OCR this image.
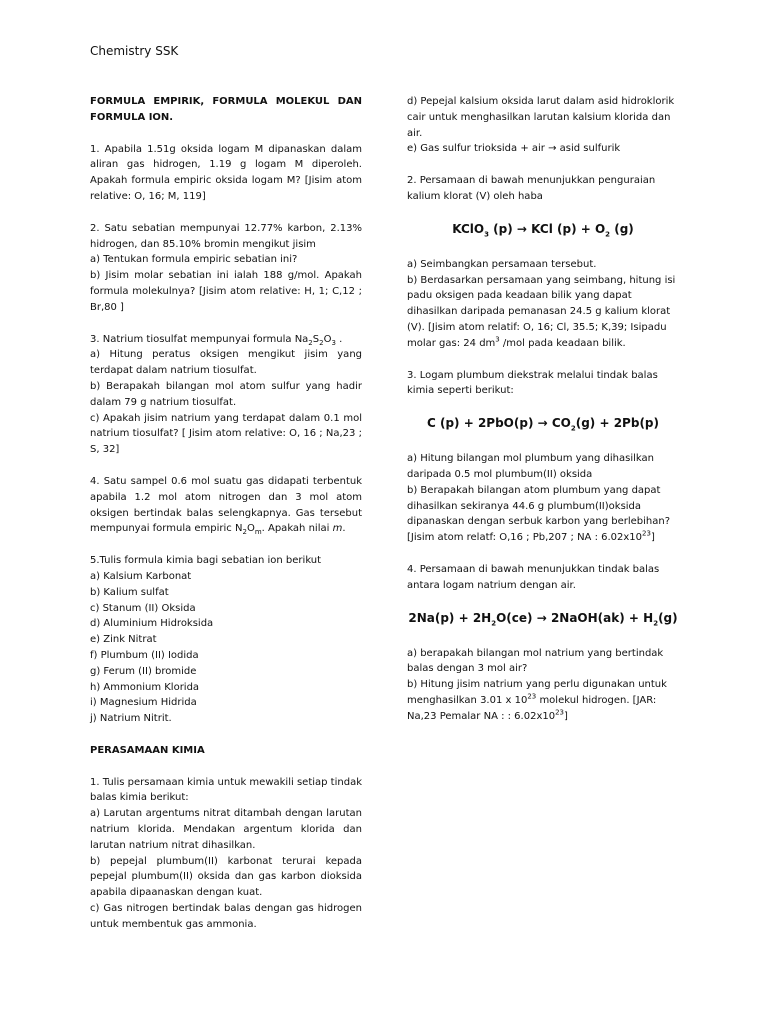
Chemistry SSK

FORMULA EMPIRIK, FORMULA MOLEKUL DAN FORMULA ION.

1. Apabila 1.51g oksida logam M dipanaskan dalam aliran gas hidrogen, 1.19 g logam M diperoleh. Apakah formula empiric oksida logam M? [Jisim atom relative: O, 16; M, 119]

2. Satu sebatian mempunyai 12.77% karbon, 2.13% hidrogen, dan 85.10% bromin mengikut jisim
a) Tentukan formula empiric sebatian ini?
b) Jisim molar sebatian ini ialah 188 g/mol. Apakah formula molekulnya? [Jisim atom relative: H, 1; C,12 ; Br,80 ]

3. Natrium tiosulfat mempunyai formula $Na_2S_2O_3$ .
a) Hitung peratus oksigen mengikut jisim yang terdapat dalam natrium tiosulfat.
b) Berapakah bilangan mol atom sulfur yang hadir dalam 79 g natrium tiosulfat.
c) Apakah jisim natrium yang terdapat dalam 0.1 mol natrium tiosulfat? [ Jisim atom relative: O, 16 ; Na,23 ; S, 32]

4. Satu sampel 0.6 mol suatu gas didapati terbentuk apabila 1.2 mol atom nitrogen dan 3 mol atom oksigen bertindak balas selengkapnya. Gas tersebut mempunyai formula empiric $N_2O_m$. Apakah nilai m.

5.Tulis formula kimia bagi sebatian ion berikut
a) Kalsium Karbonat
b) Kalium sulfat
c) Stanum (II) Oksida
d) Aluminium Hidroksida
e) Zink Nitrat
f) Plumbum (II) Iodida
g) Ferum (II) bromide
h) Ammonium Klorida
i) Magnesium Hidrida
j) Natrium Nitrit.

PERASAMAAN KIMIA

1. Tulis persamaan kimia untuk mewakili setiap tindak balas kimia berikut:
a) Larutan argentums nitrat ditambah dengan larutan natrium klorida. Mendakan argentum klorida dan larutan natrium nitrat dihasilkan.
b) pepejal plumbum(II) karbonat terurai kepada pepejal plumbum(II) oksida dan gas karbon dioksida apabila dipaanaskan dengan kuat.
c) Gas nitrogen bertindak balas dengan gas hidrogen untuk membentuk gas ammonia.

d) Pepejal kalsium oksida larut dalam asid hidroklorik cair untuk menghasilkan larutan kalsium klorida dan air.
e) Gas sulfur trioksida + air → asid sulfurik

2. Persamaan di bawah menunjukkan penguraian kalium klorat (V) oleh haba

KClO$_3$ (p) → KCl $(p) + O_2$ (g)

a) Seimbangkan persamaan tersebut.
b) Berdasarkan persamaan yang seimbang, hitung isi padu oksigen pada keadaan bilik yang dapat dihasilkan daripada pemanasan 24.5 g kalium klorat (V). [Jisim atom relatif: O, 16; Cl, 35.5; K,39; Isipadu molar gas: 24 $dm^3$ /mol pada keadaan bilik.

3. Logam plumbum diekstrak melalui tindak balas kimia seperti berikut:

C $(p) + 2PbO(p) \to CO_2(g) + 2Pb(p)$

a) Hitung bilangan mol plumbum yang dihasilkan daripada 0.5 mol plumbum(II) oksida
b) Berapakah bilangan atom plumbum yang dapat dihasilkan sekiranya 44.6 g plumbum(II)oksida dipanaskan dengan serbuk karbon yang berlebihan? [Jisim atom relatf: O,16 ; Pb,207 ; NA : $6.02x10^{23}$]

4. Persamaan di bawah menunjukkan tindak balas antara logam natrium dengan air.

$2Na(p) + 2H_2O(ce)$ → 2NaOH(ak) + $H_2(g)$

a) berapakah bilangan mol natrium yang bertindak balas dengan 3 mol air?
b) Hitung jisim natrium yang perlu digunakan untuk menghasilkan 3.01 x $10^{23}$ molekul hidrogen. [JAR: Na,23 Pemalar NA : : $6.02x10^{23}$]
